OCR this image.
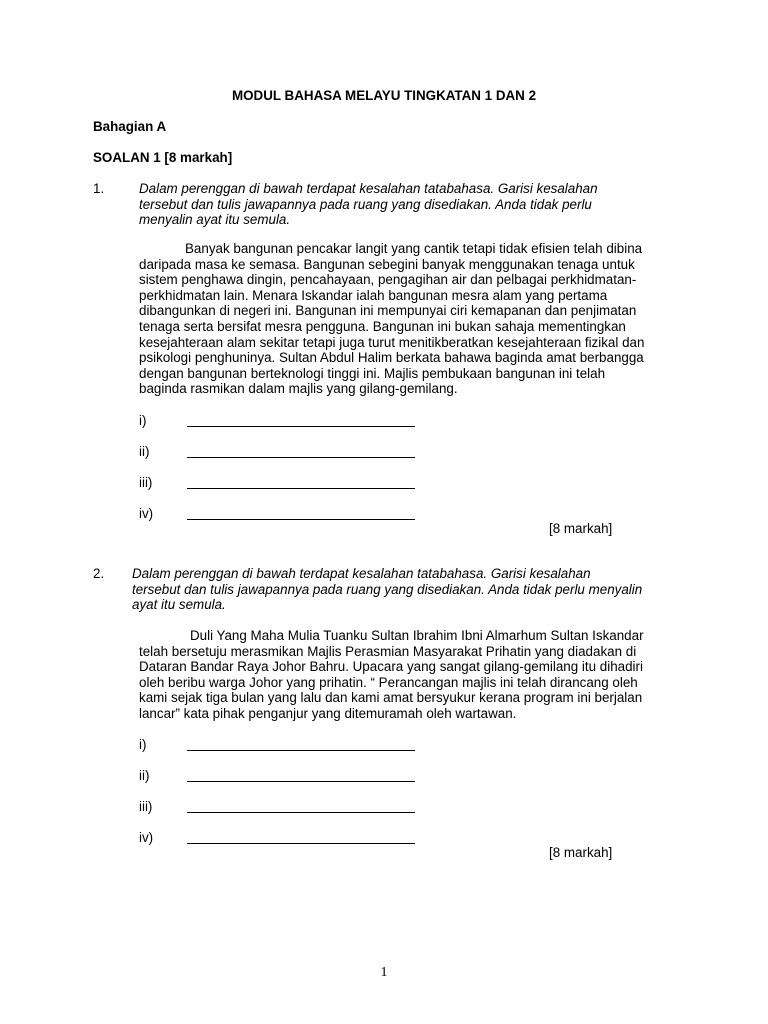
MODUL BAHASA MELAYU TINGKATAN 1 DAN 2
Bahagian A
SOALAN 1 [8 markah]
1.	Dalam perenggan di bawah terdapat kesalahan tatabahasa. Garisi kesalahan
tersebut dan tulis jawapannya pada ruang yang disediakan. Anda tidak perlu
menyalin ayat itu semula.
Banyak bangunan pencakar langit yang cantik tetapi tidak efisien telah dibina
daripada masa ke semasa. Bangunan sebegini banyak menggunakan tenaga untuk
sistem penghawa dingin, pencahayaan, pengagihan air dan pelbagai perkhidmatan-
perkhidmatan lain. Menara Iskandar ialah bangunan mesra alam yang pertama
dibangunkan di negeri ini. Bangunan ini mempunyai ciri kemapanan dan penjimatan
tenaga serta bersifat mesra pengguna. Bangunan ini bukan sahaja mementingkan
kesejahteraan alam sekitar tetapi juga turut menitikberatkan kesejahteraan fizikal dan
psikologi penghuninya. Sultan Abdul Halim berkata bahawa baginda amat berbangga
dengan bangunan berteknologi tinggi ini. Majlis pembukaan bangunan ini telah
baginda rasmikan dalam majlis yang gilang-gemilang.
i)
ii)
iii)
iv)
[8 markah]
2. Dalam perenggan di bawah terdapat kesalahan tatabahasa. Garisi kesalahan
tersebut dan tulis jawapannya pada ruang yang disediakan. Anda tidak perlu menyalin
ayat itu semula.
Duli Yang Maha Mulia Tuanku Sultan Ibrahim Ibni Almarhum Sultan Iskandar
telah bersetuju merasmikan Majlis Perasmian Masyarakat Prihatin yang diadakan di
Dataran Bandar Raya Johor Bahru. Upacara yang sangat gilang-gemilang itu dihadiri
oleh beribu warga Johor yang prihatin. “ Perancangan majlis ini telah dirancang oleh
kami sejak tiga bulan yang lalu dan kami amat bersyukur kerana program ini berjalan
lancar” kata pihak penganjur yang ditemuramah oleh wartawan.
i)
ii)
iii)
iv)
[8 markah]
1
